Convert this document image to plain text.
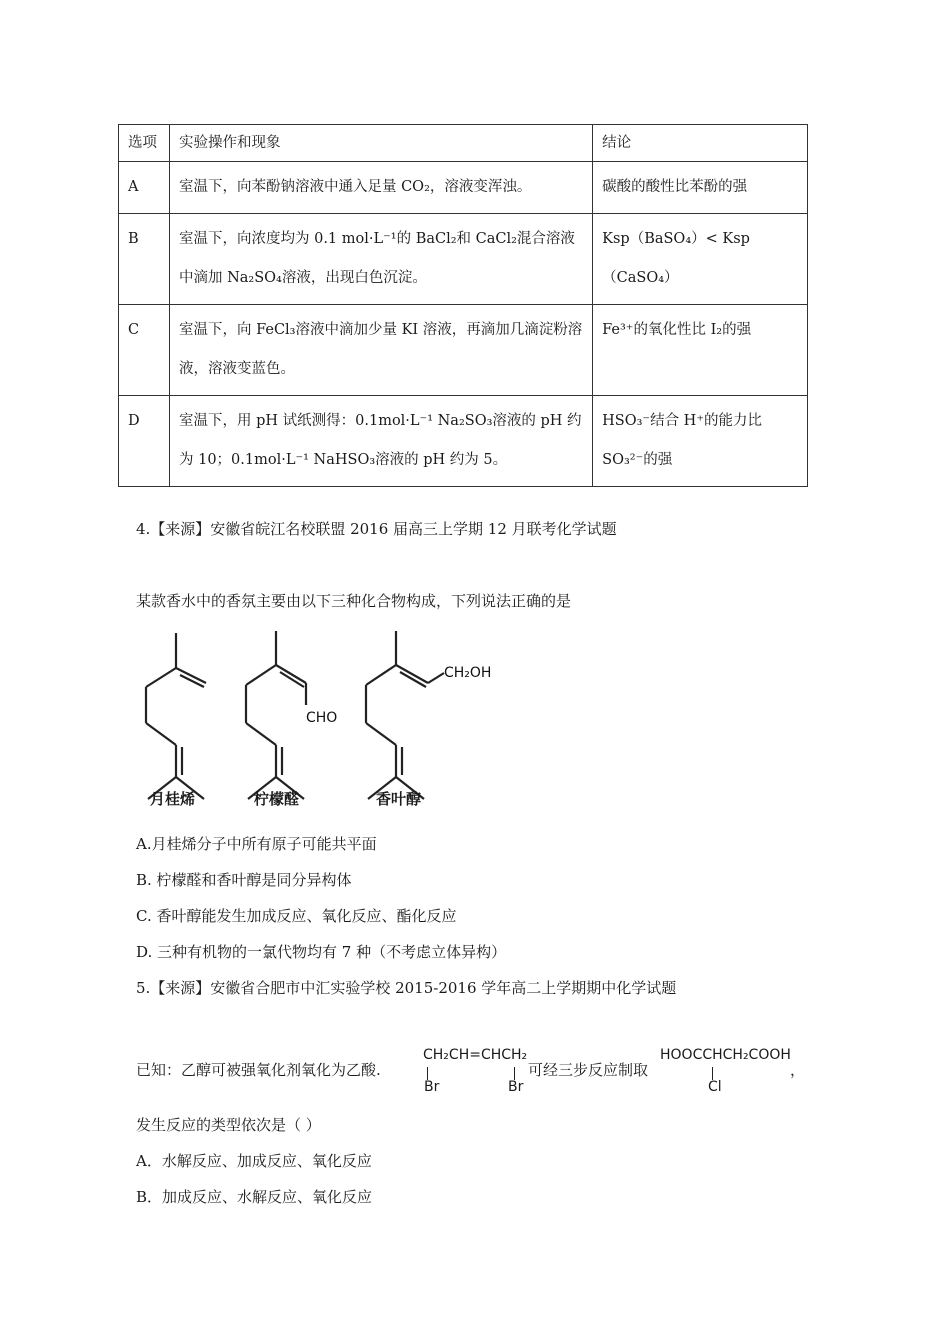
选项	实验操作和现象	结论
A	室温下，向苯酚钠溶液中通入足量 CO₂，溶液变浑浊。	碳酸的酸性比苯酚的强
B	室温下，向浓度均为 0.1 mol·L⁻¹的 BaCl₂和 CaCl₂混合溶液中滴加 Na₂SO₄溶液，出现白色沉淀。	Ksp（BaSO₄）< Ksp（CaSO₄）
C	室温下，向 FeCl₃溶液中滴加少量 KI 溶液，再滴加几滴淀粉溶液，溶液变蓝色。	Fe³⁺的氧化性比 I₂的强
D	室温下，用 pH 试纸测得：0.1mol·L⁻¹ Na₂SO₃溶液的 pH 约为 10；0.1mol·L⁻¹ NaHSO₃溶液的 pH 约为 5。	HSO₃⁻结合 H⁺的能力比 SO₃²⁻的强
4.【来源】安徽省皖江名校联盟 2016 届高三上学期 12 月联考化学试题
某款香水中的香氛主要由以下三种化合物构成，下列说法正确的是
CHO
CH₂OH
月桂烯	柠檬醛	香叶醇
A.月桂烯分子中所有原子可能共平面
B. 柠檬醛和香叶醇是同分异构体
C. 香叶醇能发生加成反应、氧化反应、酯化反应
D. 三种有机物的一氯代物均有 7 种（不考虑立体异构）
5.【来源】安徽省合肥市中汇实验学校 2015-2016 学年高二上学期期中化学试题
已知：乙醇可被强氧化剂氧化为乙酸.
CH₂CH=CHCH₂
Br	Br
可经三步反应制取
HOOCCHCH₂COOH
Cl
，
发生反应的类型依次是（ ）
A．水解反应、加成反应、氧化反应
B．加成反应、水解反应、氧化反应
